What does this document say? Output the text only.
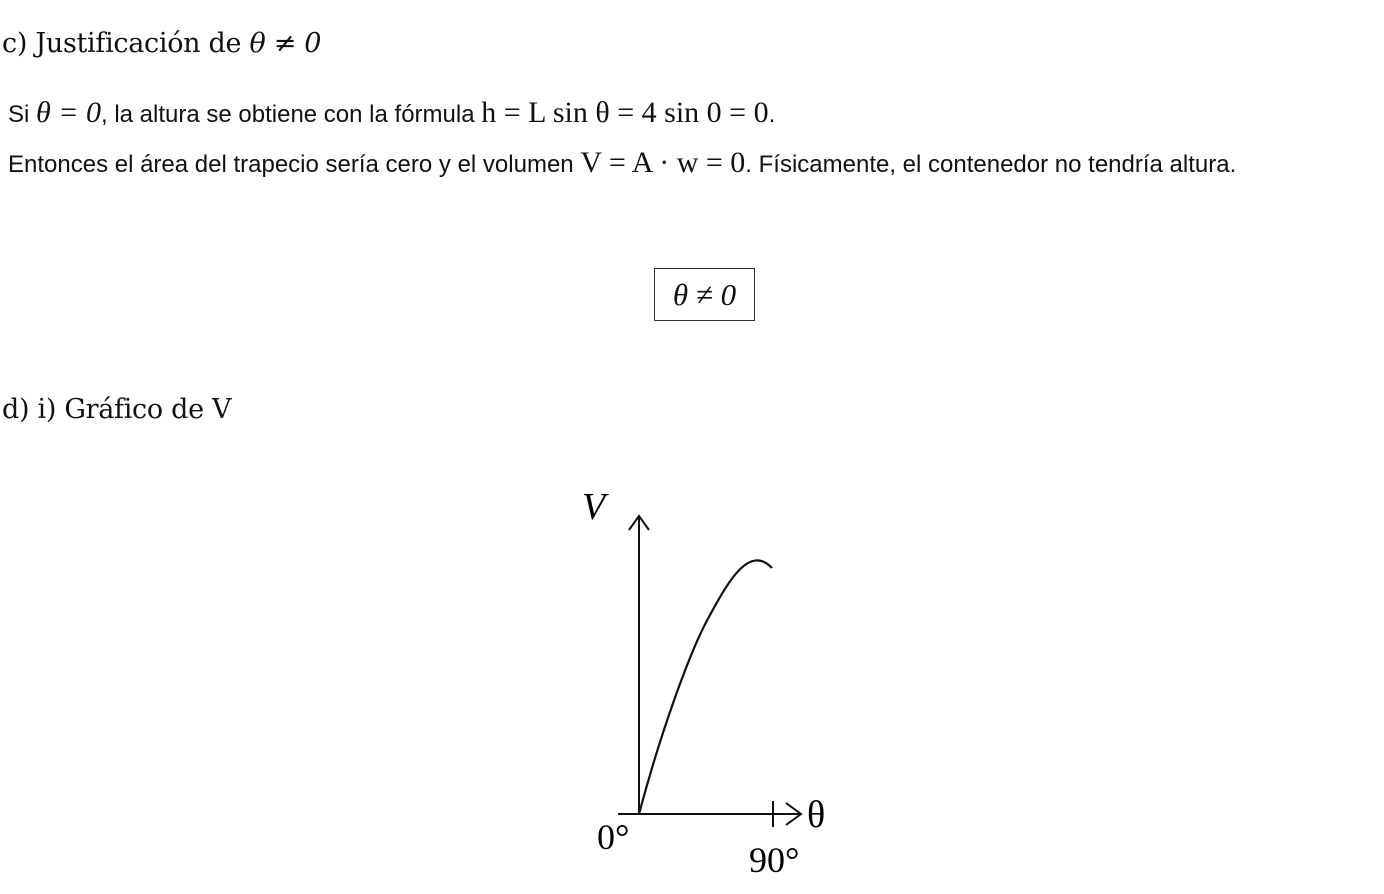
c) Justificación de θ ≠ 0

Si θ = 0, la altura se obtiene con la fórmula h = L sin θ = 4 sin 0 = 0.

Entonces el área del trapecio sería cero y el volumen V = A · w = 0. Físicamente, el contenedor no tendría altura.

θ ≠ 0
d) i) Gráfico de V
V
θ
0°
90°
